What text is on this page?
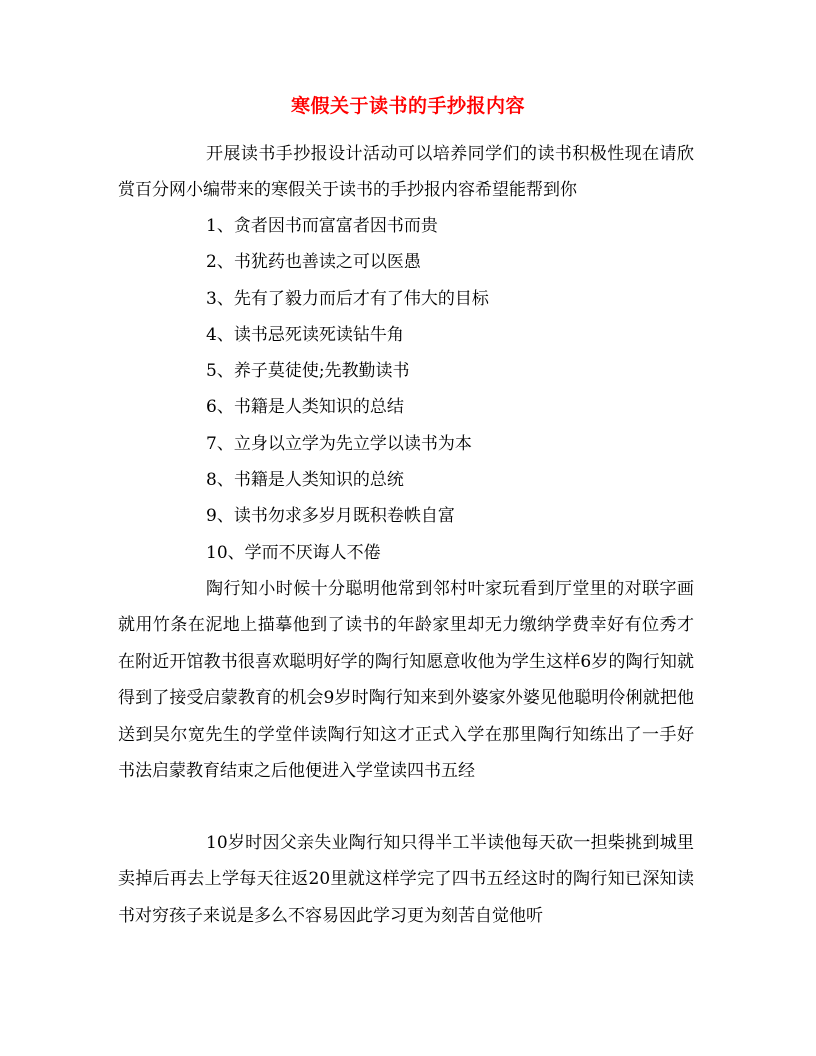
寒假关于读书的手抄报内容

开展读书手抄报设计活动可以培养同学们的读书积极性现在请欣赏百分网小编带来的寒假关于读书的手抄报内容希望能帮到你

1、贪者因书而富富者因书而贵
2、书犹药也善读之可以医愚
3、先有了毅力而后才有了伟大的目标
4、读书忌死读死读钻牛角
5、养子莫徒使;先教勤读书
6、书籍是人类知识的总结
7、立身以立学为先立学以读书为本
8、书籍是人类知识的总统
9、读书勿求多岁月既积卷帙自富
10、学而不厌诲人不倦

陶行知小时候十分聪明他常到邻村叶家玩看到厅堂里的对联字画就用竹条在泥地上描摹他到了读书的年龄家里却无力缴纳学费幸好有位秀才在附近开馆教书很喜欢聪明好学的陶行知愿意收他为学生这样6岁的陶行知就得到了接受启蒙教育的机会9岁时陶行知来到外婆家外婆见他聪明伶俐就把他送到吴尔宽先生的学堂伴读陶行知这才正式入学在那里陶行知练出了一手好书法启蒙教育结束之后他便进入学堂读四书五经

10岁时因父亲失业陶行知只得半工半读他每天砍一担柴挑到城里卖掉后再去上学每天往返20里就这样学完了四书五经这时的陶行知已深知读书对穷孩子来说是多么不容易因此学习更为刻苦自觉他听
